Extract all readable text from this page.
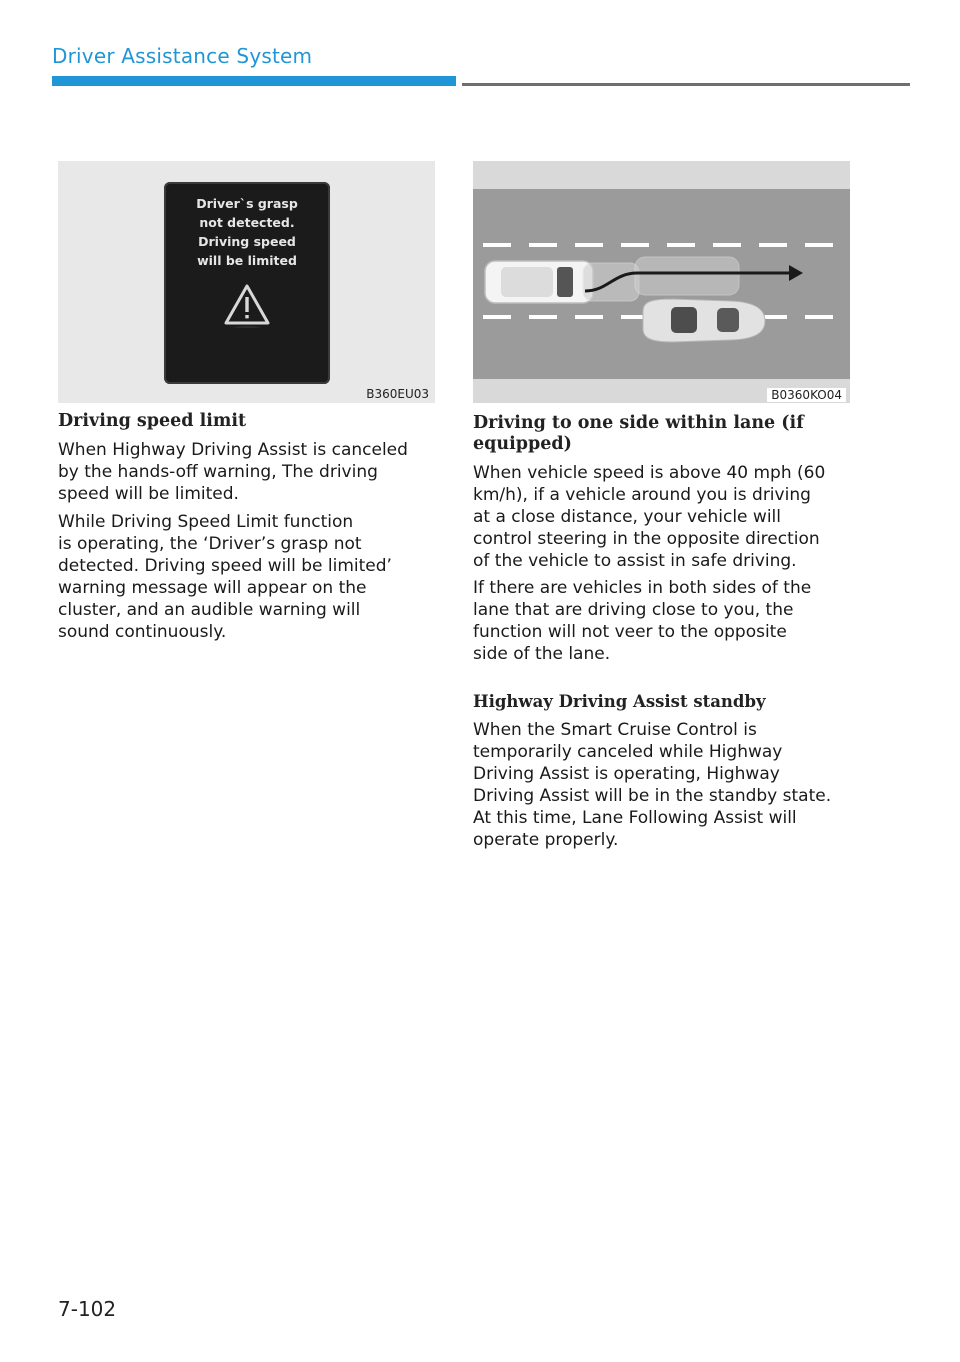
Driver Assistance System
Driver`s grasp
not detected.
Driving speed
will be limited
B360EU03	B0360KO04
Driving speed limit

When Highway Driving Assist is canceled
by the hands-off warning, The driving
speed will be limited.

While Driving Speed Limit function
is operating, the ‘Driver’s grasp not
detected. Driving speed will be limited’
warning message will appear on the
cluster, and an audible warning will
sound continuously.

Driving to one side within lane (if
equipped)

When vehicle speed is above 40 mph (60
km/h), if a vehicle around you is driving
at a close distance, your vehicle will
control steering in the opposite direction
of the vehicle to assist in safe driving.

If there are vehicles in both sides of the
lane that are driving close to you, the
function will not veer to the opposite
side of the lane.

Highway Driving Assist standby

When the Smart Cruise Control is
temporarily canceled while Highway
Driving Assist is operating, Highway
Driving Assist will be in the standby state.
At this time, Lane Following Assist will
operate properly.

7-102
